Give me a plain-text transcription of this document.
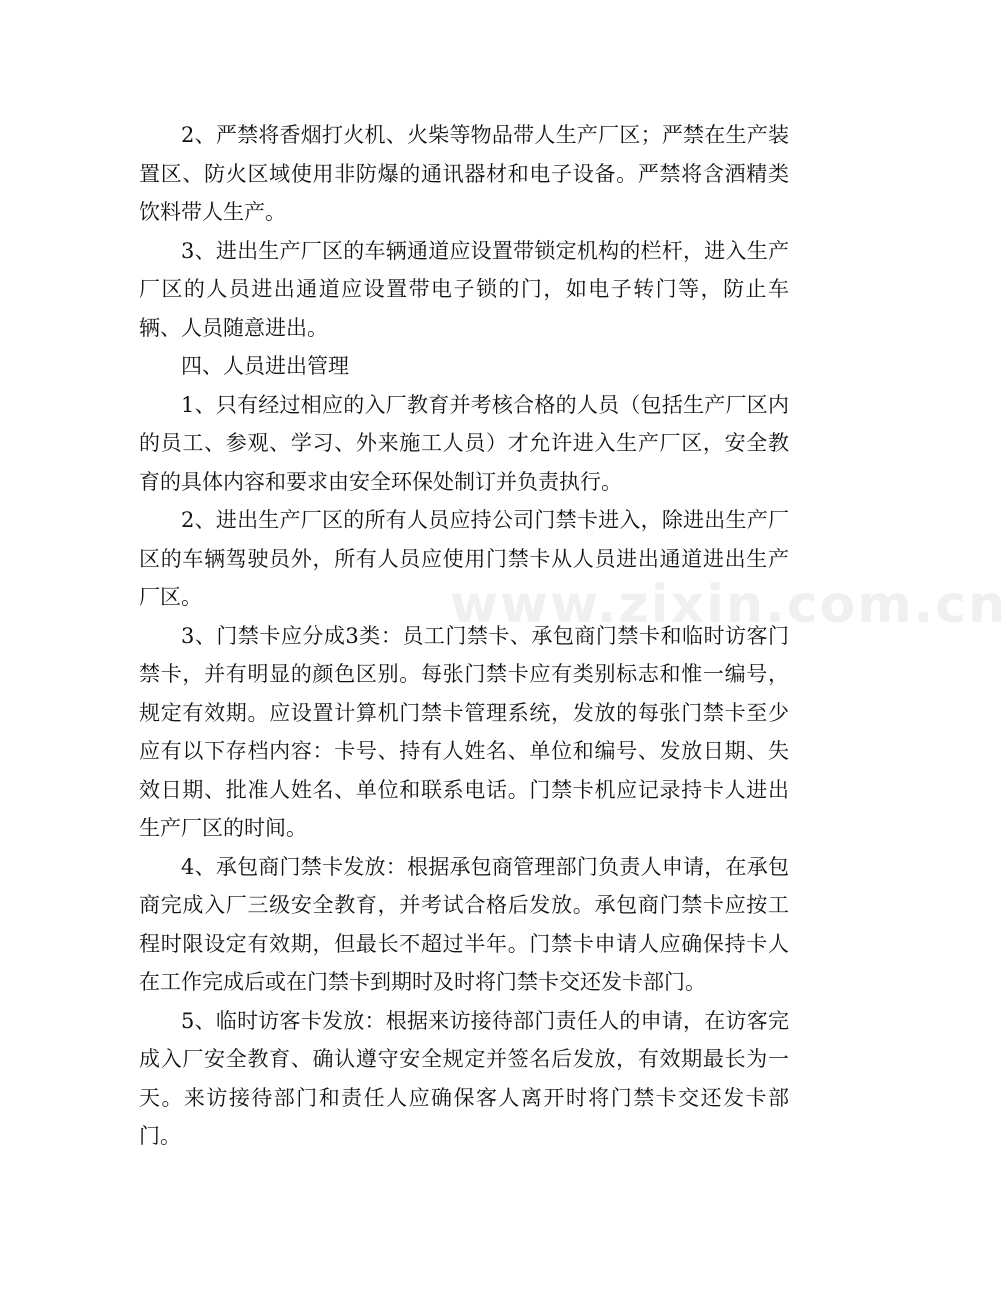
2、严禁将香烟打火机、火柴等物品带人生产厂区；严禁在生产装置区、防火区域使用非防爆的通讯器材和电子设备。严禁将含酒精类饮料带人生产。

3、进出生产厂区的车辆通道应设置带锁定机构的栏杆，进入生产厂区的人员进出通道应设置带电子锁的门，如电子转门等，防止车辆、人员随意进出。

四、人员进出管理

1、只有经过相应的入厂教育并考核合格的人员（包括生产厂区内的员工、参观、学习、外来施工人员）才允许进入生产厂区，安全教育的具体内容和要求由安全环保处制订并负责执行。

2、进出生产厂区的所有人员应持公司门禁卡进入，除进出生产厂区的车辆驾驶员外，所有人员应使用门禁卡从人员进出通道进出生产厂区。

3、门禁卡应分成3类：员工门禁卡、承包商门禁卡和临时访客门禁卡，并有明显的颜色区别。每张门禁卡应有类别标志和惟一编号，规定有效期。应设置计算机门禁卡管理系统，发放的每张门禁卡至少应有以下存档内容：卡号、持有人姓名、单位和编号、发放日期、失效日期、批准人姓名、单位和联系电话。门禁卡机应记录持卡人进出生产厂区的时间。

4、承包商门禁卡发放：根据承包商管理部门负责人申请，在承包商完成入厂三级安全教育，并考试合格后发放。承包商门禁卡应按工程时限设定有效期，但最长不超过半年。门禁卡申请人应确保持卡人在工作完成后或在门禁卡到期时及时将门禁卡交还发卡部门。

5、临时访客卡发放：根据来访接待部门责任人的申请，在访客完成入厂安全教育、确认遵守安全规定并签名后发放，有效期最长为一天。来访接待部门和责任人应确保客人离开时将门禁卡交还发卡部门。

www.zixin.com.cn
